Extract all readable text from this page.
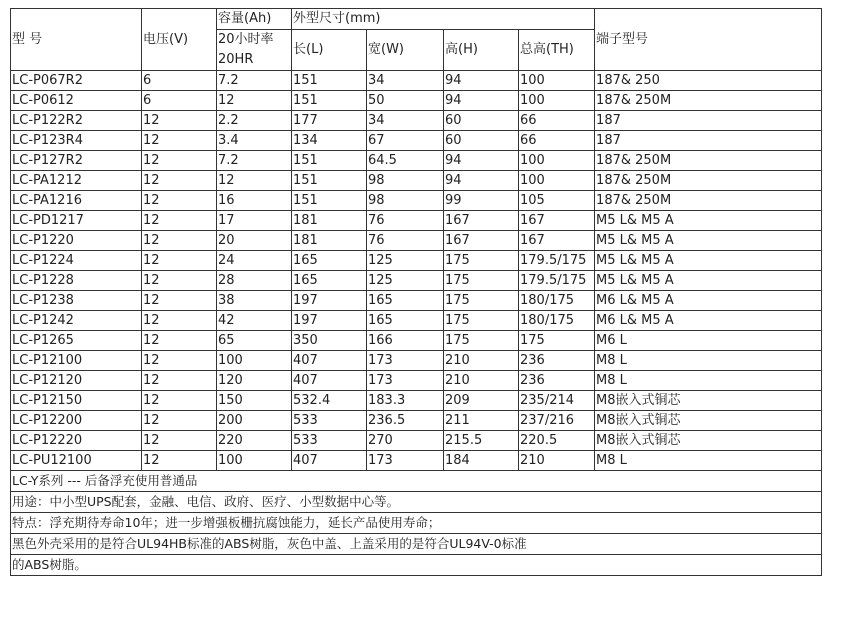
型 号	电压(V)	容量(Ah)	外型尺寸(mm)				端子型号
		20小时率 20HR	长(L)	宽(W)	高(H)	总高(TH)	

LC-P067R2	6	7.2	151	34	94	100	187& 250
LC-P0612	6	12	151	50	94	100	187& 250M
LC-P122R2	12	2.2	177	34	60	66	187
LC-P123R4	12	3.4	134	67	60	66	187
LC-P127R2	12	7.2	151	64.5	94	100	187& 250M
LC-PA1212	12	12	151	98	94	100	187& 250M
LC-PA1216	12	16	151	98	99	105	187& 250M
LC-PD1217	12	17	181	76	167	167	M5 L& M5 A
LC-P1220	12	20	181	76	167	167	M5 L& M5 A
LC-P1224	12	24	165	125	175	179.5/175	M5 L& M5 A
LC-P1228	12	28	165	125	175	179.5/175	M5 L& M5 A
LC-P1238	12	38	197	165	175	180/175	M6 L& M5 A
LC-P1242	12	42	197	165	175	180/175	M6 L& M5 A
LC-P1265	12	65	350	166	175	175	M6 L
LC-P12100	12	100	407	173	210	236	M8 L
LC-P12120	12	120	407	173	210	236	M8 L
LC-P12150	12	150	532.4	183.3	209	235/214	M8嵌入式铜芯
LC-P12200	12	200	533	236.5	211	237/216	M8嵌入式铜芯
LC-P12220	12	220	533	270	215.5	220.5	M8嵌入式铜芯
LC-PU12100	12	100	407	173	184	210	M8 L
LC-Y系列 --- 后备浮充使用普通品							
用途：中小型UPS配套，金融、电信、政府、医疗、小型数据中心等。							
特点：浮充期待寿命10年；进一步增强板栅抗腐蚀能力，延长产品使用寿命；							
黑色外壳采用的是符合UL94HB标准的ABS树脂，灰色中盖、上盖采用的是符合UL94V-0标准							
的ABS树脂。							
